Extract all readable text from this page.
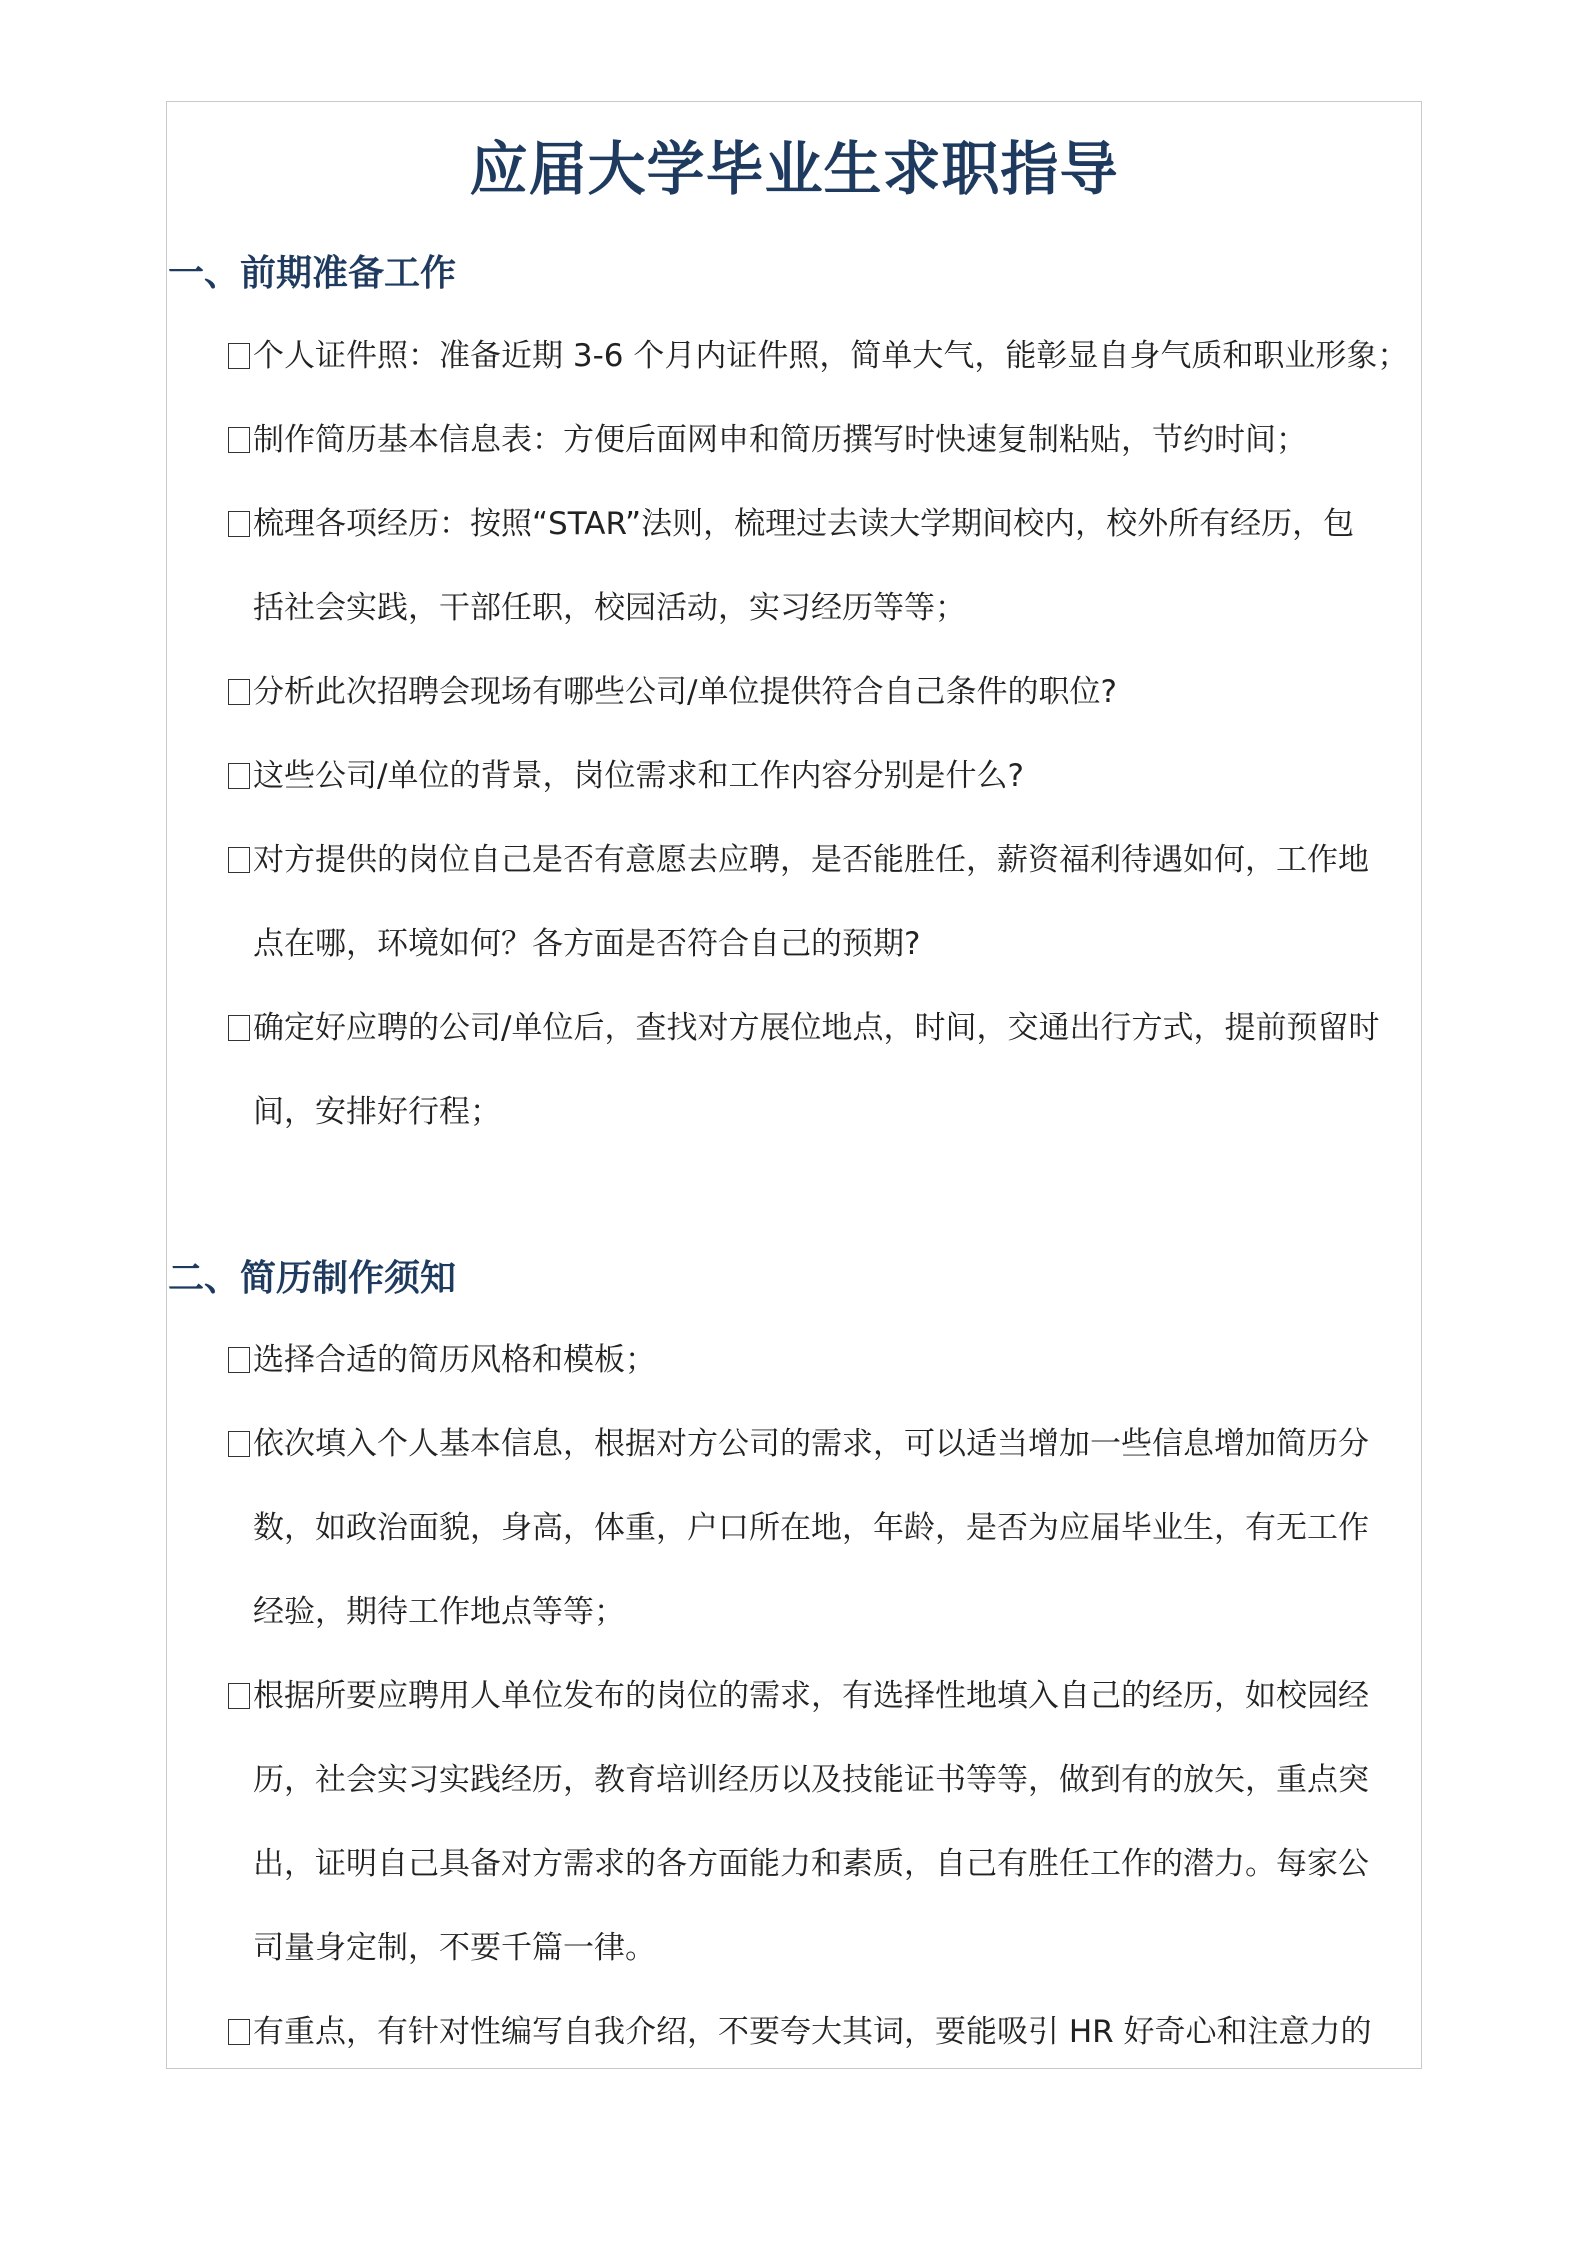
应届大学毕业生求职指导
一、前期准备工作
个人证件照：准备近期 3-6 个月内证件照，简单大气，能彰显自身气质和职业形象；
制作简历基本信息表：方便后面网申和简历撰写时快速复制粘贴，节约时间；
梳理各项经历：按照“STAR”法则，梳理过去读大学期间校内，校外所有经历，包
括社会实践，干部任职，校园活动，实习经历等等；
分析此次招聘会现场有哪些公司/单位提供符合自己条件的职位?
这些公司/单位的背景，岗位需求和工作内容分别是什么?
对方提供的岗位自己是否有意愿去应聘，是否能胜任，薪资福利待遇如何，工作地
点在哪，环境如何？各方面是否符合自己的预期?
确定好应聘的公司/单位后，查找对方展位地点，时间，交通出行方式，提前预留时
间，安排好行程；
二、简历制作须知
选择合适的简历风格和模板；
依次填入个人基本信息，根据对方公司的需求，可以适当增加一些信息增加简历分
数，如政治面貌，身高，体重，户口所在地，年龄，是否为应届毕业生，有无工作
经验，期待工作地点等等；
根据所要应聘用人单位发布的岗位的需求，有选择性地填入自己的经历，如校园经
历，社会实习实践经历，教育培训经历以及技能证书等等，做到有的放矢，重点突
出，证明自己具备对方需求的各方面能力和素质，自己有胜任工作的潜力。每家公
司量身定制，不要千篇一律。
有重点，有针对性编写自我介绍，不要夸大其词，要能吸引 HR 好奇心和注意力的
